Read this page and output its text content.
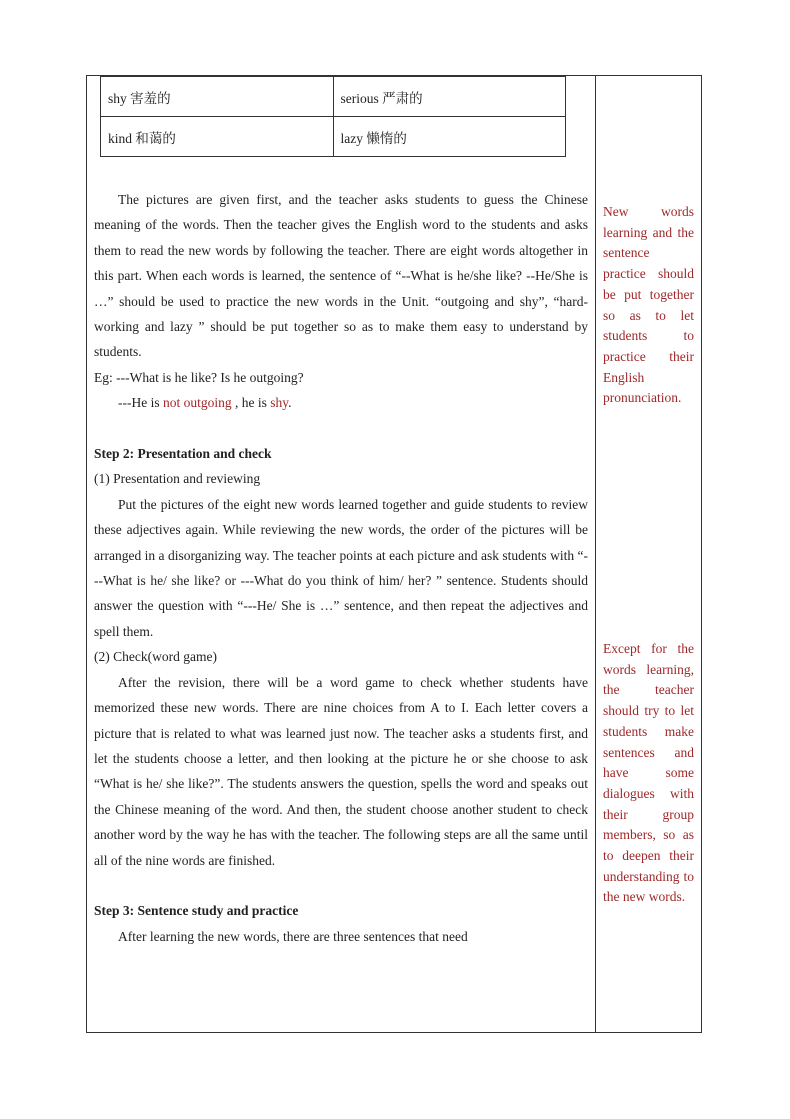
shy 害羞的	serious 严肃的
kind 和蔼的	lazy 懒惰的

The pictures are given first, and the teacher asks students to guess the Chinese meaning of the words. Then the teacher gives the English word to the students and asks them to read the new words by following the teacher. There are eight words altogether in this part. When each words is learned, the sentence of “--What is he/she like? --He/She is …” should be used to practice the new words in the Unit. “outgoing and shy”, “hard-working and lazy ” should be put together so as to make them easy to understand by students.

Eg: ---What is he like? Is he outgoing?

---He is not outgoing , he is shy.

Step 2: Presentation and check

(1) Presentation and reviewing

Put the pictures of the eight new words learned together and guide students to review these adjectives again. While reviewing the new words, the order of the pictures will be arranged in a disorganizing way. The teacher points at each picture and ask students with “---What is he/ she like? or ---What do you think of him/ her? ” sentence. Students should answer the question with “---He/ She is …” sentence, and then repeat the adjectives and spell them.

(2) Check(word game)

After the revision, there will be a word game to check whether students have memorized these new words. There are nine choices from A to I. Each letter covers a picture that is related to what was learned just now. The teacher asks a students first, and let the students choose a letter, and then looking at the picture he or she choose to ask “What is he/ she like?”. The students answers the question, spells the word and speaks out the Chinese meaning of the word. And then, the student choose another student to check another word by the way he has with the teacher. The following steps are all the same until all of the nine words are finished.

Step 3: Sentence study and practice

After learning the new words, there are three sentences that need

New words learning and the sentence practice should be put together so as to let students to practice their English pronunciation.
Except for the words learning, the teacher should try to let students make sentences and have some dialogues with their group members, so as to deepen their understanding to the new words.
